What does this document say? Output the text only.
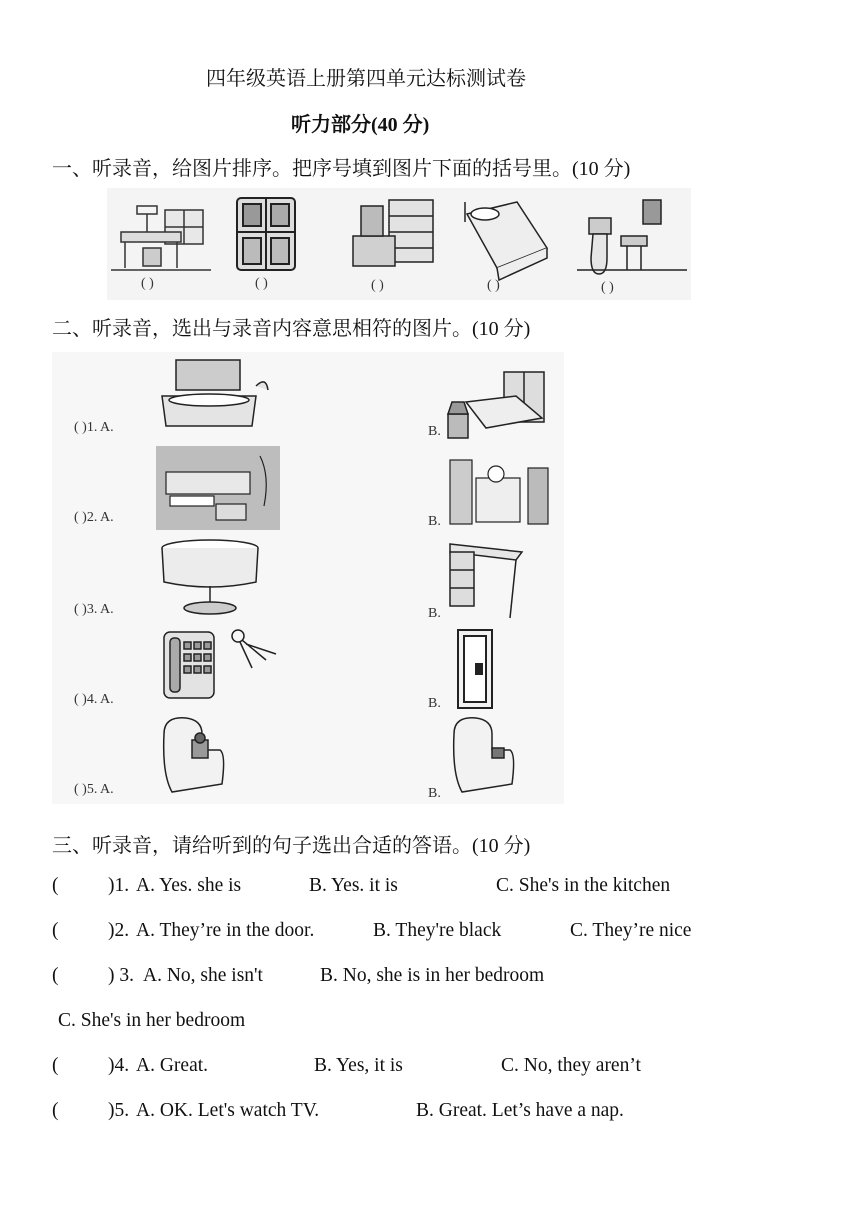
四年级英语上册第四单元达标测试卷
听力部分(40 分)
一、听录音，给图片排序。把序号填到图片下面的括号里。(10 分)
( )	( )	( )	( )	( )
二、听录音，选出与录音内容意思相符的图片。(10 分)
( )1. A.	B.
( )2. A.	B.
( )3. A.	B.
( )4. A.	B.
( )5. A.	B.
三、听录音，请给听到的句子选出合适的答语。(10 分)
(	)1. A. Yes. she is	B. Yes. it is	C. She's in the kitchen
(	)2. A. They’re in the door.	B. They're black	C. They’re nice
(	) 3. A. No, she isn't	B. No, she is in her bedroom
C. She's in her bedroom
(	)4. A. Great.	B. Yes, it is	C. No, they aren’t
(	)5. A. OK. Let's watch TV.	B. Great. Let’s have a nap.
